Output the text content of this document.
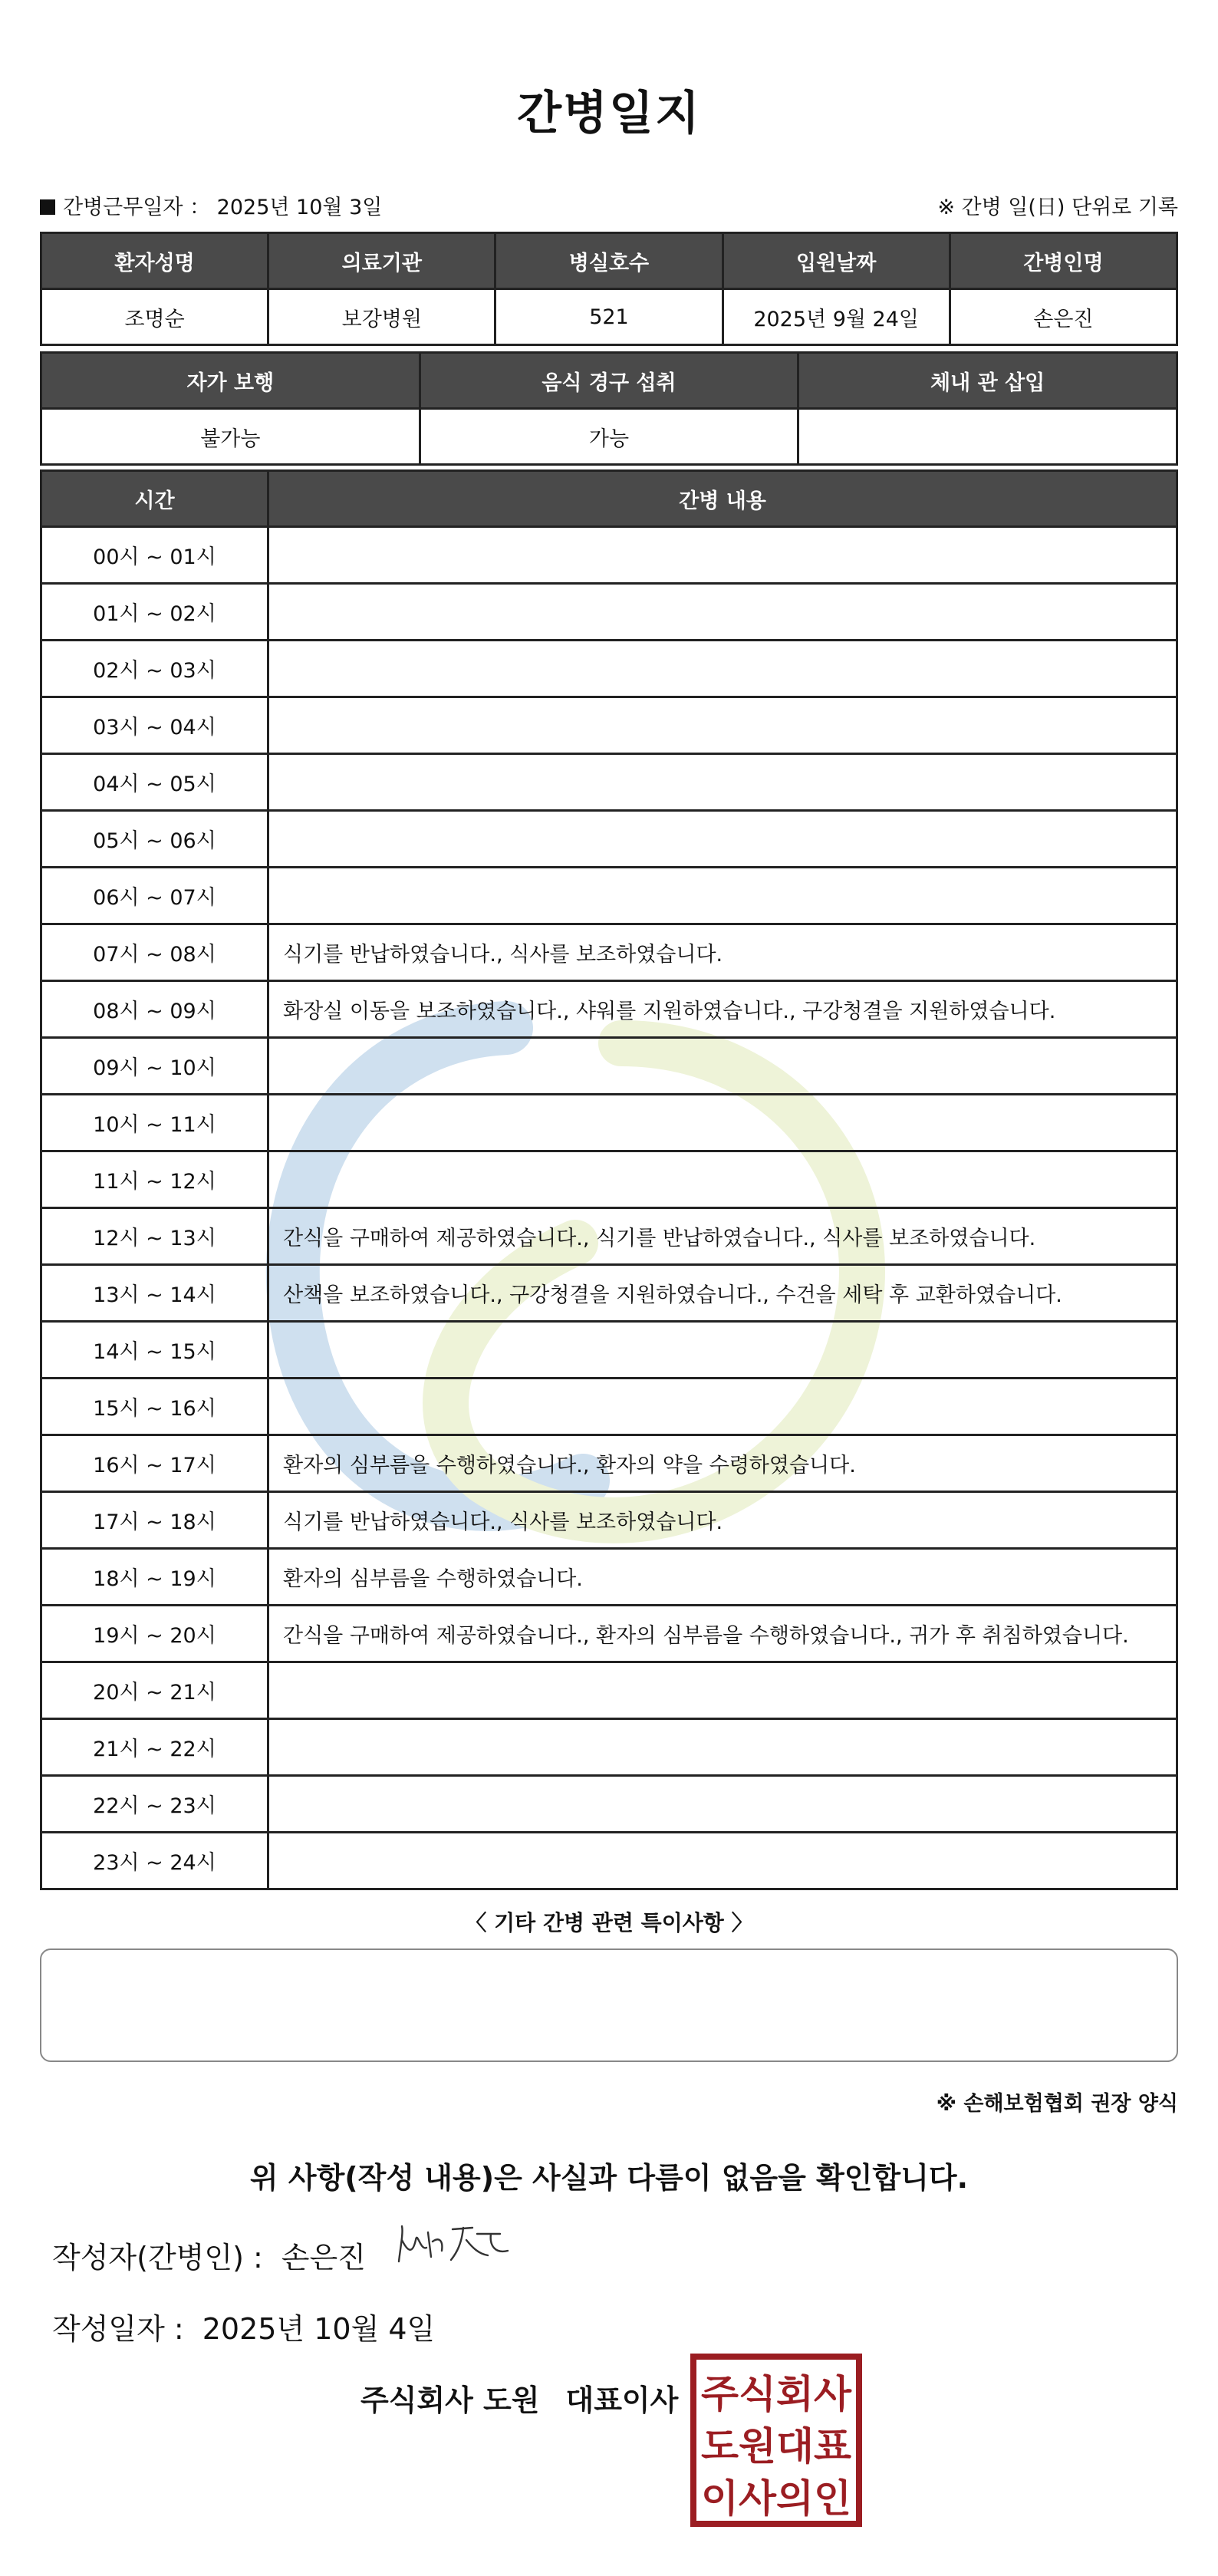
간병일지
간병근무일자 ： 2025년 10월 3일	※ 간병 일(日) 단위로 기록
환자성명	의료기관	병실호수	입원날짜	간병인명
조명순	보강병원	521	2025년 9월 24일	손은진
자가 보행	음식 경구 섭취	체내 관 삽입
불가능	가능	
시간	간병 내용
00시 ~ 01시	
01시 ~ 02시	
02시 ~ 03시	
03시 ~ 04시	
04시 ~ 05시	
05시 ~ 06시	
06시 ~ 07시	
07시 ~ 08시	식기를 반납하였습니다., 식사를 보조하였습니다.
08시 ~ 09시	화장실 이동을 보조하였습니다., 샤워를 지원하였습니다., 구강청결을 지원하였습니다.
09시 ~ 10시	
10시 ~ 11시	
11시 ~ 12시	
12시 ~ 13시	간식을 구매하여 제공하였습니다., 식기를 반납하였습니다., 식사를 보조하였습니다.
13시 ~ 14시	산책을 보조하였습니다., 구강청결을 지원하였습니다., 수건을 세탁 후 교환하였습니다.
14시 ~ 15시	
15시 ~ 16시	
16시 ~ 17시	환자의 심부름을 수행하였습니다., 환자의 약을 수령하였습니다.
17시 ~ 18시	식기를 반납하였습니다., 식사를 보조하였습니다.
18시 ~ 19시	환자의 심부름을 수행하였습니다.
19시 ~ 20시	간식을 구매하여 제공하였습니다., 환자의 심부름을 수행하였습니다., 귀가 후 취침하였습니다.
20시 ~ 21시	
21시 ~ 22시	
22시 ~ 23시	
23시 ~ 24시	
〈 기타 간병 관련 특이사항 〉
※ 손해보험협회 권장 양식
위 사항(작성 내용)은 사실과 다름이 없음을 확인합니다.
작성자(간병인) : 손은진
작성일자 : 2025년 10월 4일
주식회사 도원 대표이사 주식회사
도원대표
이사의인
